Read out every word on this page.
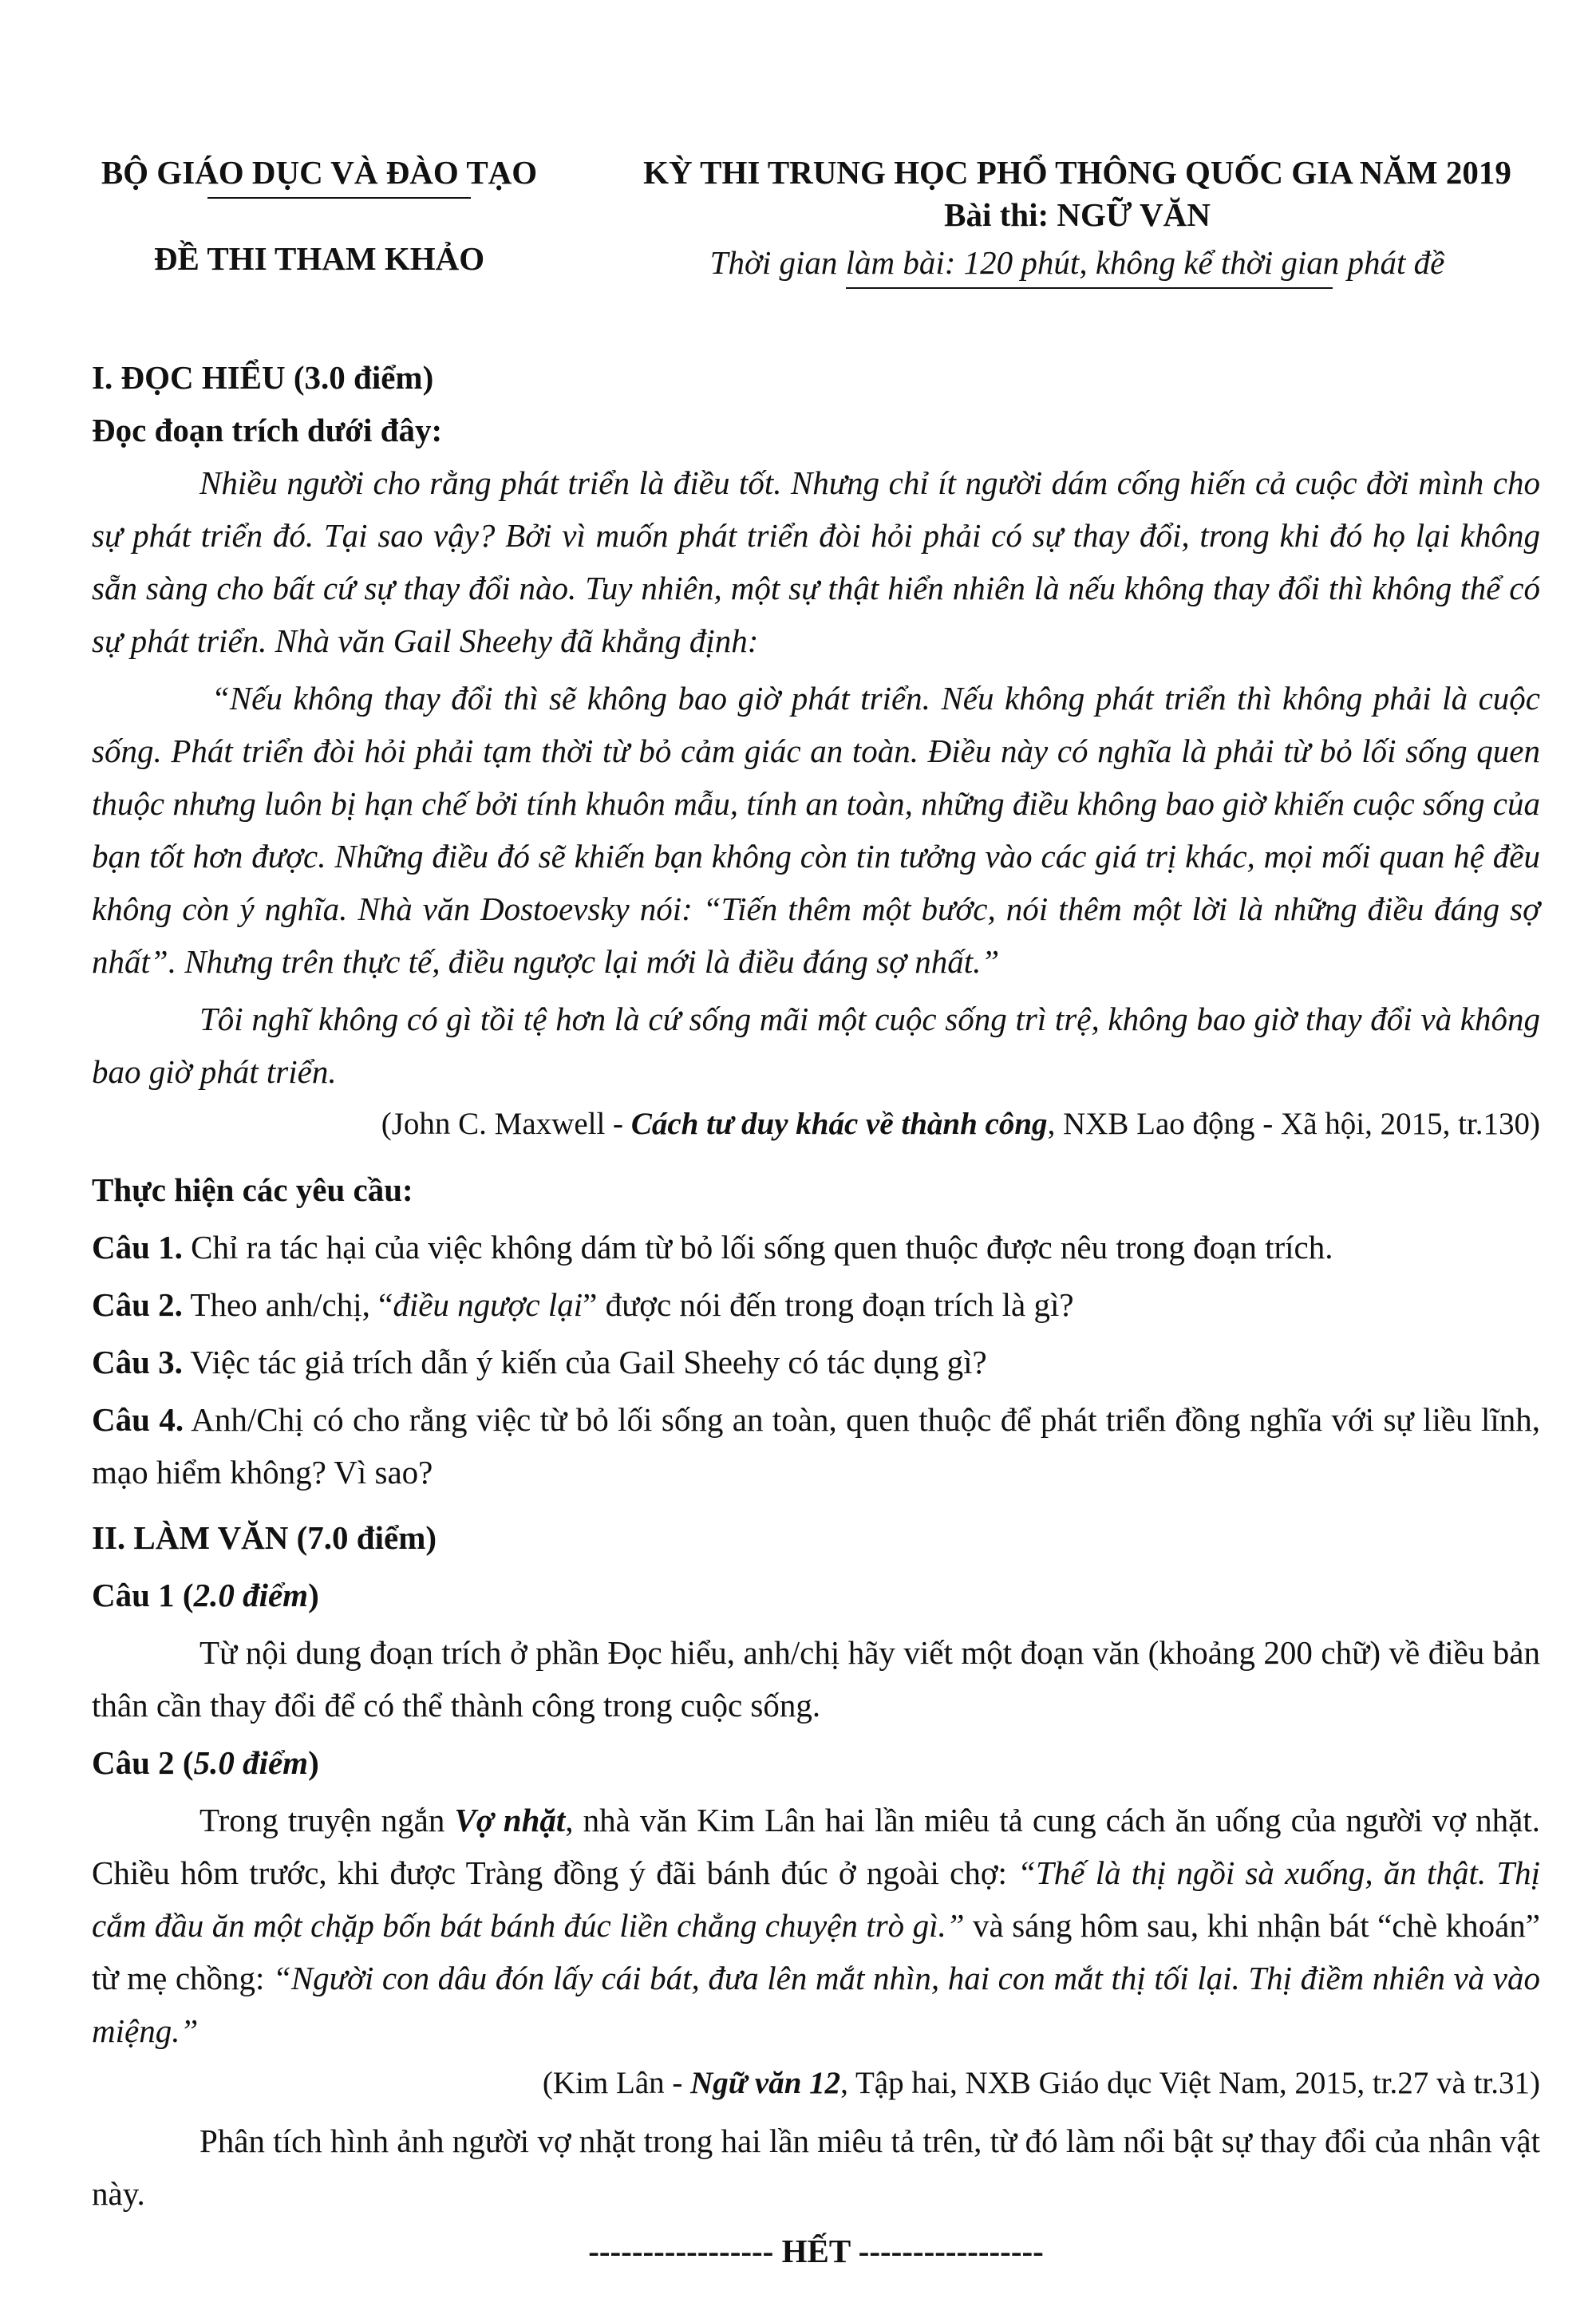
BỘ GIÁO DỤC VÀ ĐÀO TẠO
ĐỀ THI THAM KHẢO
KỲ THI TRUNG HỌC PHỔ THÔNG QUỐC GIA NĂM 2019
Bài thi: NGỮ VĂN
Thời gian làm bài: 120 phút, không kể thời gian phát đề

I. ĐỌC HIỂU (3.0 điểm)

Đọc đoạn trích dưới đây:

Nhiều người cho rằng phát triển là điều tốt. Nhưng chỉ ít người dám cống hiến cả cuộc đời mình cho sự phát triển đó. Tại sao vậy? Bởi vì muốn phát triển đòi hỏi phải có sự thay đổi, trong khi đó họ lại không sẵn sàng cho bất cứ sự thay đổi nào. Tuy nhiên, một sự thật hiển nhiên là nếu không thay đổi thì không thể có sự phát triển. Nhà văn Gail Sheehy đã khẳng định:

“Nếu không thay đổi thì sẽ không bao giờ phát triển. Nếu không phát triển thì không phải là cuộc sống. Phát triển đòi hỏi phải tạm thời từ bỏ cảm giác an toàn. Điều này có nghĩa là phải từ bỏ lối sống quen thuộc nhưng luôn bị hạn chế bởi tính khuôn mẫu, tính an toàn, những điều không bao giờ khiến cuộc sống của bạn tốt hơn được. Những điều đó sẽ khiến bạn không còn tin tưởng vào các giá trị khác, mọi mối quan hệ đều không còn ý nghĩa. Nhà văn Dostoevsky nói: “Tiến thêm một bước, nói thêm một lời là những điều đáng sợ nhất”. Nhưng trên thực tế, điều ngược lại mới là điều đáng sợ nhất.”

Tôi nghĩ không có gì tồi tệ hơn là cứ sống mãi một cuộc sống trì trệ, không bao giờ thay đổi và không bao giờ phát triển.

(John C. Maxwell - Cách tư duy khác về thành công, NXB Lao động - Xã hội, 2015, tr.130)

Thực hiện các yêu cầu:

Câu 1. Chỉ ra tác hại của việc không dám từ bỏ lối sống quen thuộc được nêu trong đoạn trích.

Câu 2. Theo anh/chị, “điều ngược lại” được nói đến trong đoạn trích là gì?

Câu 3. Việc tác giả trích dẫn ý kiến của Gail Sheehy có tác dụng gì?

Câu 4. Anh/Chị có cho rằng việc từ bỏ lối sống an toàn, quen thuộc để phát triển đồng nghĩa với sự liều lĩnh, mạo hiểm không? Vì sao?

II. LÀM VĂN (7.0 điểm)

Câu 1 (2.0 điểm)

Từ nội dung đoạn trích ở phần Đọc hiểu, anh/chị hãy viết một đoạn văn (khoảng 200 chữ) về điều bản thân cần thay đổi để có thể thành công trong cuộc sống.

Câu 2 (5.0 điểm)

Trong truyện ngắn Vợ nhặt, nhà văn Kim Lân hai lần miêu tả cung cách ăn uống của người vợ nhặt. Chiều hôm trước, khi được Tràng đồng ý đãi bánh đúc ở ngoài chợ: “Thế là thị ngồi sà xuống, ăn thật. Thị cắm đầu ăn một chặp bốn bát bánh đúc liền chẳng chuyện trò gì.” và sáng hôm sau, khi nhận bát “chè khoán” từ mẹ chồng: “Người con dâu đón lấy cái bát, đưa lên mắt nhìn, hai con mắt thị tối lại. Thị điềm nhiên và vào miệng.”

(Kim Lân - Ngữ văn 12, Tập hai, NXB Giáo dục Việt Nam, 2015, tr.27 và tr.31)

Phân tích hình ảnh người vợ nhặt trong hai lần miêu tả trên, từ đó làm nổi bật sự thay đổi của nhân vật này.

----------------- HẾT -----------------
